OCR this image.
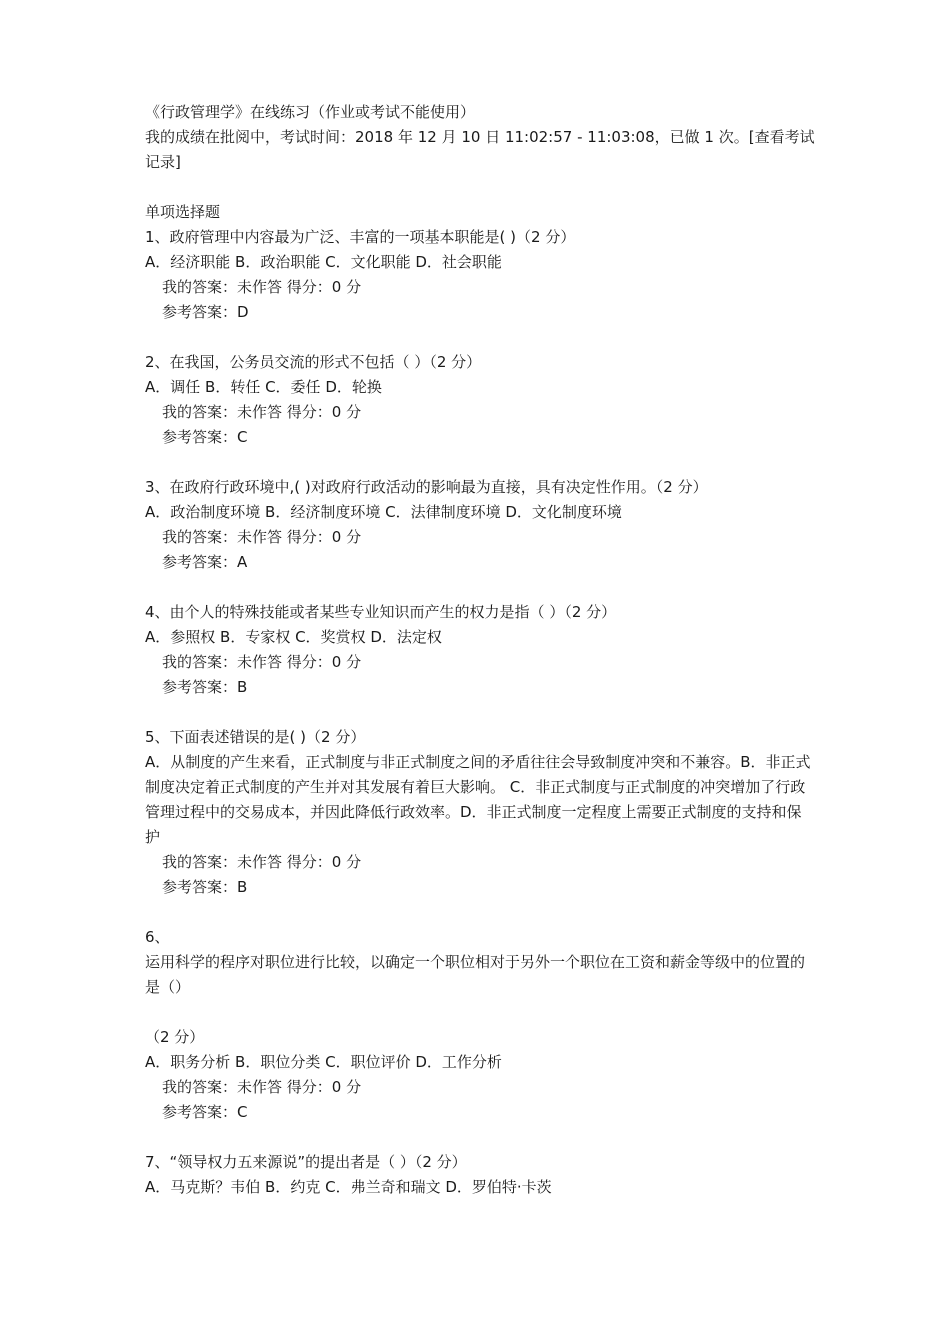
《行政管理学》在线练习（作业或考试不能使用）
我的成绩在批阅中，考试时间：2018 年 12 月 10 日 11:02:57 - 11:03:08，已做 1 次。[查看考试记录]
单项选择题
1、政府管理中内容最为广泛、丰富的一项基本职能是( )（2 分）
A．经济职能 B．政治职能 C．文化职能 D．社会职能
我的答案：未作答 得分：0 分
参考答案：D
2、在我国，公务员交流的形式不包括（ ）（2 分）
A．调任 B．转任 C．委任 D．轮换
我的答案：未作答 得分：0 分
参考答案：C
3、在政府行政环境中,( )对政府行政活动的影响最为直接，具有决定性作用。（2 分）
A．政治制度环境 B．经济制度环境 C．法律制度环境 D．文化制度环境
我的答案：未作答 得分：0 分
参考答案：A
4、由个人的特殊技能或者某些专业知识而产生的权力是指（ ）（2 分）
A．参照权 B．专家权 C．奖赏权 D．法定权
我的答案：未作答 得分：0 分
参考答案：B
5、下面表述错误的是( )（2 分）

A．从制度的产生来看，正式制度与非正式制度之间的矛盾往往会导致制度冲突和不兼容。B．非正式制度决定着正式制度的产生并对其发展有着巨大影响。 C．非正式制度与正式制度的冲突增加了行政管理过程中的交易成本，并因此降低行政效率。D．非正式制度一定程度上需要正式制度的支持和保护

我的答案：未作答 得分：0 分
参考答案：B
6、
运用科学的程序对职位进行比较，以确定一个职位相对于另外一个职位在工资和薪金等级中的位置的是（）
（2 分）
A．职务分析 B．职位分类 C．职位评价 D．工作分析
我的答案：未作答 得分：0 分
参考答案：C
7、“领导权力五来源说”的提出者是（ ）（2 分）
A．马克斯？韦伯 B．约克 C．弗兰奇和瑞文 D．罗伯特·卡茨
